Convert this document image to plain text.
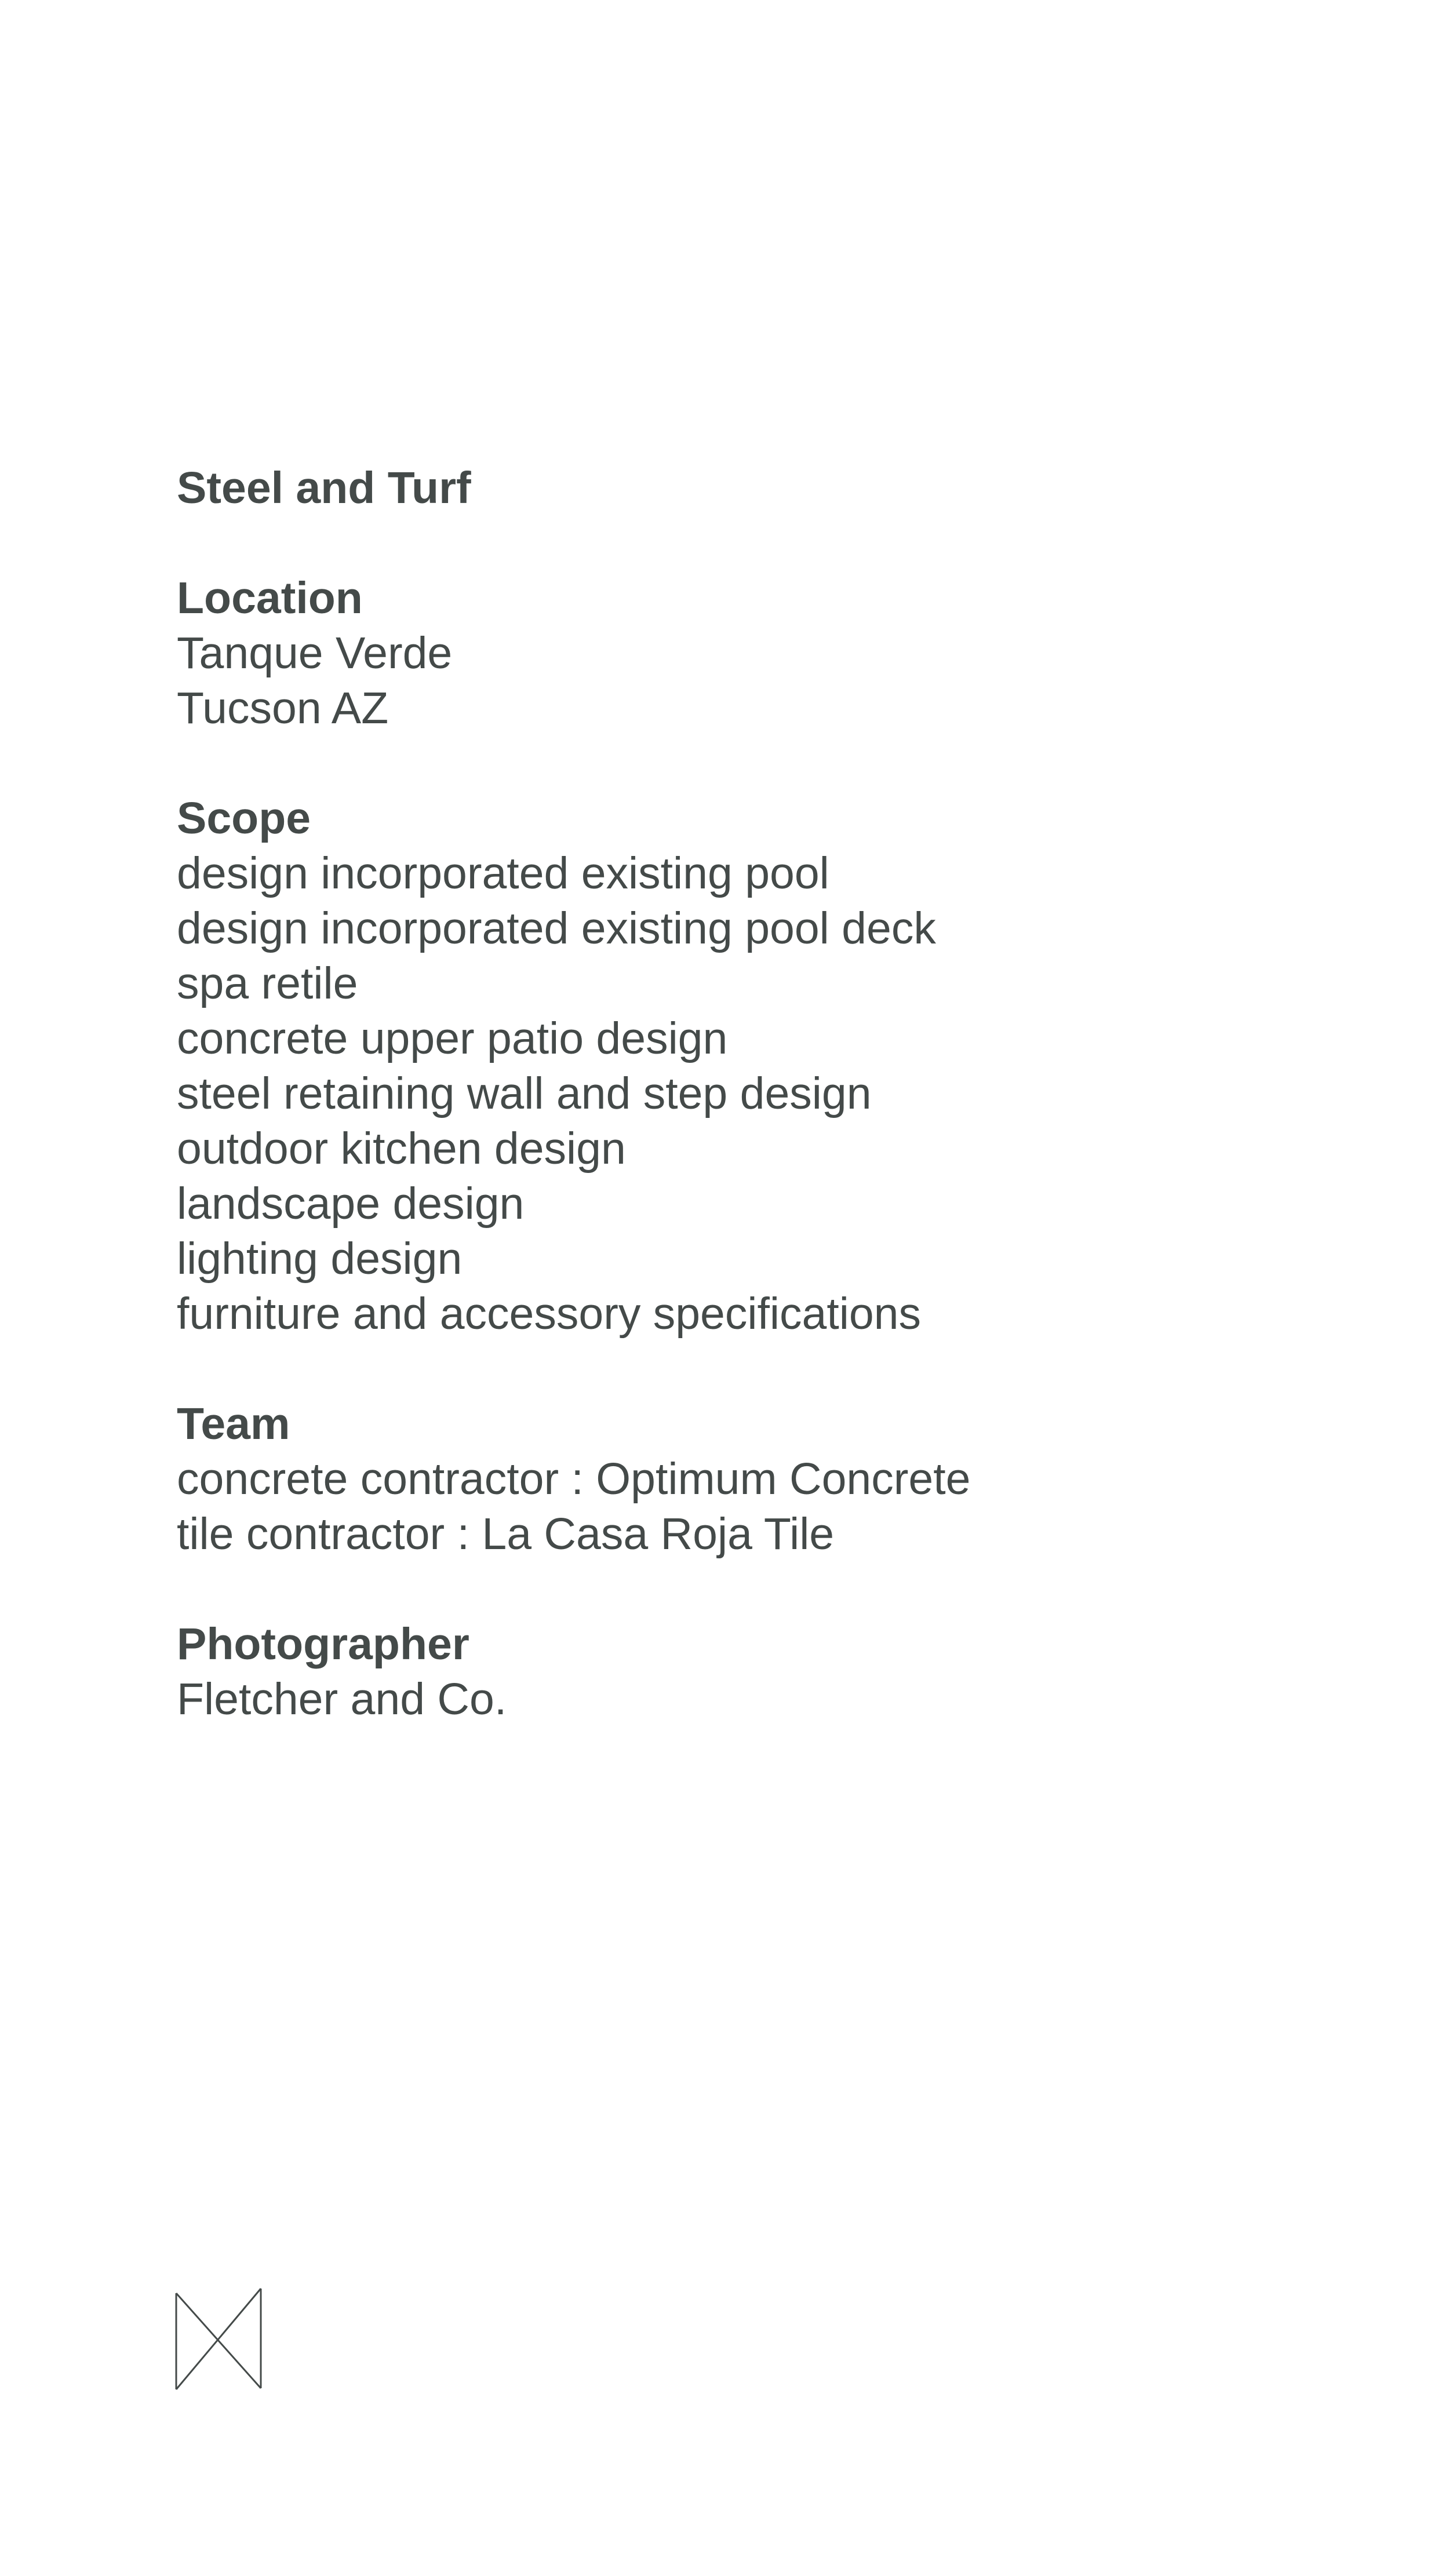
Steel and Turf
Location
Tanque Verde
Tucson AZ
Scope
design incorporated existing pool
design incorporated existing pool deck
spa retile
concrete upper patio design
steel retaining wall and step design
outdoor kitchen design
landscape design
lighting design
furniture and accessory specifications
Team
concrete contractor : Optimum Concrete
tile contractor : La Casa Roja Tile
Photographer
Fletcher and Co.
